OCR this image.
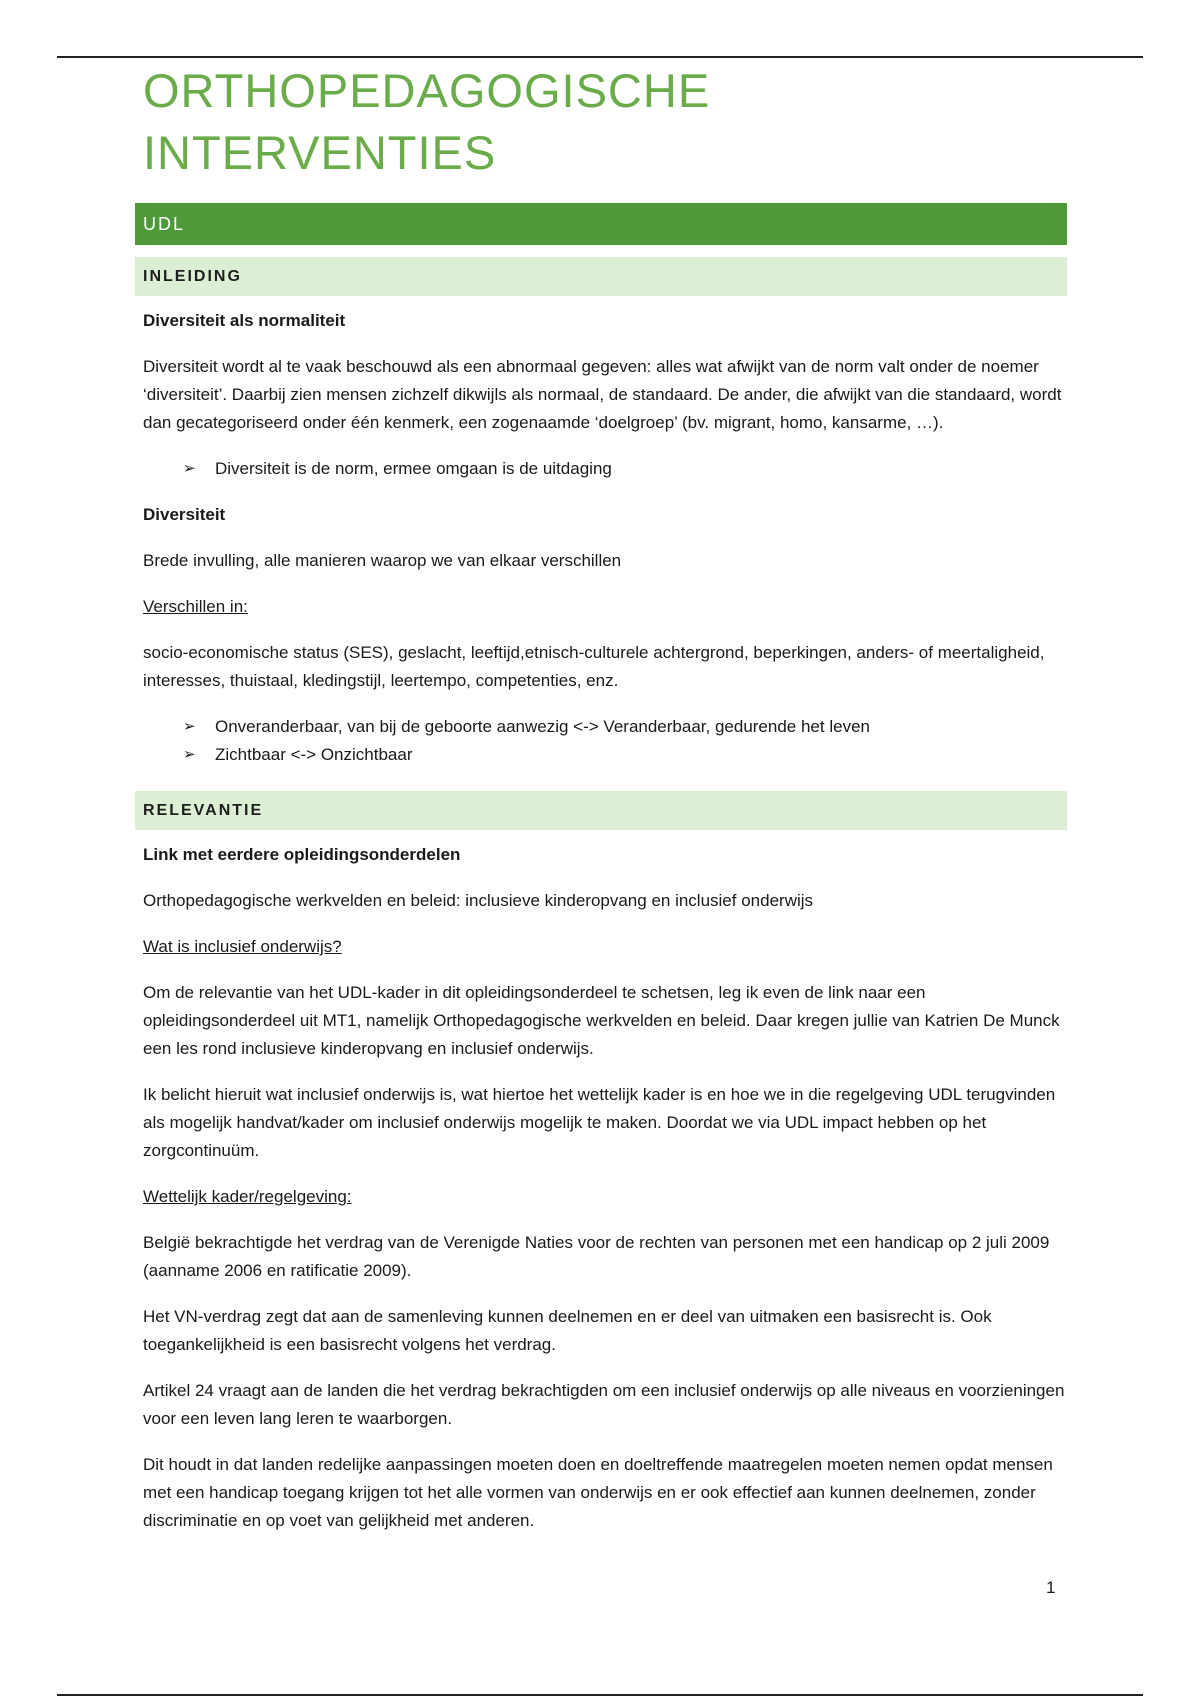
ORTHOPEDAGOGISCHE INTERVENTIES
UDL
INLEIDING

Diversiteit als normaliteit

Diversiteit wordt al te vaak beschouwd als een abnormaal gegeven: alles wat afwijkt van de norm valt onder de noemer ‘diversiteit’. Daarbij zien mensen zichzelf dikwijls als normaal, de standaard. De ander, die afwijkt van die standaard, wordt dan gecategoriseerd onder één kenmerk, een zogenaamde ‘doelgroep’ (bv. migrant, homo, kansarme, …).

➢ Diversiteit is de norm, ermee omgaan is de uitdaging

Diversiteit

Brede invulling, alle manieren waarop we van elkaar verschillen

Verschillen in:

socio-economische status (SES), geslacht, leeftijd,etnisch-culturele achtergrond, beperkingen, anders- of meertaligheid, interesses, thuistaal, kledingstijl, leertempo, competenties, enz.

➢ Onveranderbaar, van bij de geboorte aanwezig <-> Veranderbaar, gedurende het leven
➢ Zichtbaar <-> Onzichtbaar
RELEVANTIE

Link met eerdere opleidingsonderdelen

Orthopedagogische werkvelden en beleid: inclusieve kinderopvang en inclusief onderwijs

Wat is inclusief onderwijs?

Om de relevantie van het UDL-kader in dit opleidingsonderdeel te schetsen, leg ik even de link naar een opleidingsonderdeel uit MT1, namelijk Orthopedagogische werkvelden en beleid. Daar kregen jullie van Katrien De Munck een les rond inclusieve kinderopvang en inclusief onderwijs.

Ik belicht hieruit wat inclusief onderwijs is, wat hiertoe het wettelijk kader is en hoe we in die regelgeving UDL terugvinden als mogelijk handvat/kader om inclusief onderwijs mogelijk te maken. Doordat we via UDL impact hebben op het zorgcontinuüm.

Wettelijk kader/regelgeving:

België bekrachtigde het verdrag van de Verenigde Naties voor de rechten van personen met een handicap op 2 juli 2009 (aanname 2006 en ratificatie 2009).

Het VN-verdrag zegt dat aan de samenleving kunnen deelnemen en er deel van uitmaken een basisrecht is. Ook toegankelijkheid is een basisrecht volgens het verdrag.

Artikel 24 vraagt aan de landen die het verdrag bekrachtigden om een inclusief onderwijs op alle niveaus en voorzieningen voor een leven lang leren te waarborgen.

Dit houdt in dat landen redelijke aanpassingen moeten doen en doeltreffende maatregelen moeten nemen opdat mensen met een handicap toegang krijgen tot het alle vormen van onderwijs en er ook effectief aan kunnen deelnemen, zonder discriminatie en op voet van gelijkheid met anderen.

1
